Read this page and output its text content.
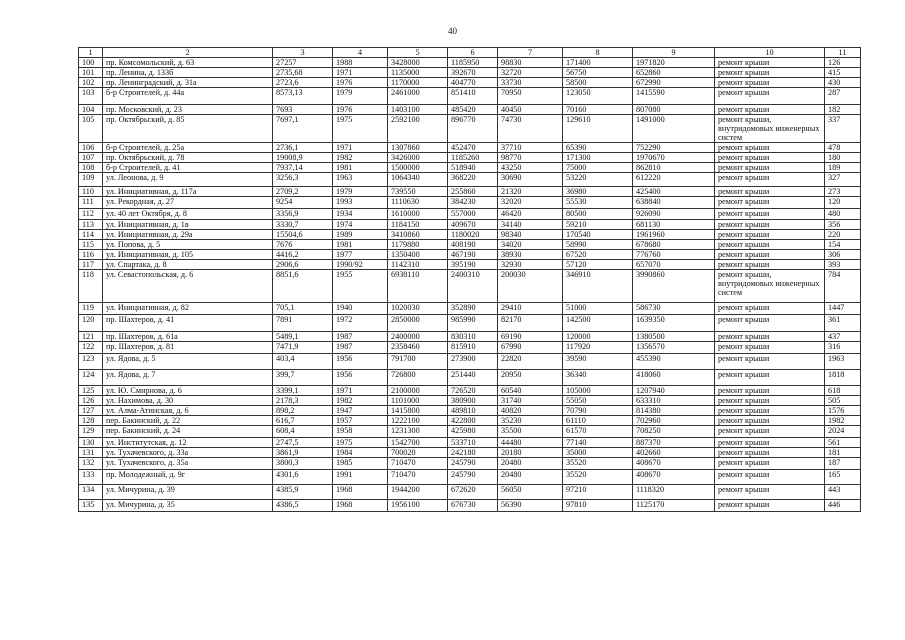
40
1	2	3	4	5	6	7	8	9	10	11
100	пр. Комсомольский, д. 63	27257	1988	3428000	1185950	98830	171400	1971820	ремонт крыши	126
101	пр. Ленина, д. 133б	2735,68	1971	1135000	392670	32720	56750	652860	ремонт крыши	415
102	пр. Ленинградский, д. 31а	2723,6	1976	1170000	404770	33730	58500	672990	ремонт крыши	430
103	б-р Строителей, д. 44а	8573,13	1979	2461000	851410	70950	123050	1415590	ремонт крыши	287
104	пр. Московский, д. 23	7693	1976	1403100	485420	40450	70160	807080	ремонт крыши	182
105	пр. Октябрьский, д. 85	7697,1	1975	2592100	896770	74730	129610	1491000	ремонт крыши, внутридомовых инженерных систем	337
106	б-р Строителей, д. 25а	2736,1	1971	1307860	452470	37710	65390	752290	ремонт крыши	478
107	пр. Октябрьский, д. 78	19008,9	1982	3426000	1185260	98770	171300	1970670	ремонт крыши	180
108	б-р Строителей, д. 41	7937,14	1981	1500000	518940	43250	75000	862810	ремонт крыши	189
109	ул. Леонова, д. 9	3256,3	1963	1064340	368220	30690	53220	612220	ремонт крыши	327
110	ул. Инициативная, д. 117а	2709,2	1979	739550	255860	21320	36980	425400	ремонт крыши	273
111	ул. Рекордная, д. 27	9254	1993	1110630	384230	32020	55530	638840	ремонт крыши	120
112	ул. 40 лет Октября, д. 8	3356,9	1934	1610000	557000	46420	80500	926090	ремонт крыши	480
113	ул. Инициативная, д. 1в	3330,7	1974	1184150	409670	34140	59210	681130	ремонт крыши	356
114	ул. Инициативная, д. 29а	15504,6	1989	3410860	1180020	98340	170540	1961960	ремонт крыши	220
115	ул. Попова, д. 5	7676	1981	1179880	408190	34020	58990	678680	ремонт крыши	154
116	ул. Инициативная, д. 105	4416,2	1977	1350400	467190	38930	67520	776760	ремонт крыши	306
117	ул. Спартака, д. 8	2906,6	1990/92	1142310	395190	32930	57120	657070	ремонт крыши	393
118	ул. Севастопольская, д. 6	8851,6	1955	6938110	2400310	200030	346910	3990860	ремонт крыши, внутридомовых инженерных систем	784
119	ул. Инициативная, д. 82	705,1	1940	1020030	352890	29410	51000	586730	ремонт крыши	1447
120	пр. Шахтеров, д. 41	7891	1972	2850000	985990	82170	142500	1639350	ремонт крыши	361
121	пр. Шахтеров, д. 61а	5489,1	1987	2400000	830310	69190	120000	1380500	ремонт крыши	437
122	пр. Шахтеров, д. 81	7471,9	1987	2358460	815910	67990	117920	1356570	ремонт крыши	316
123	ул. Ядова, д. 5	403,4	1956	791700	273900	22820	39590	455390	ремонт крыши	1963
124	ул. Ядова, д. 7	399,7	1956	726800	251440	20950	36340	418060	ремонт крыши	1818
125	ул. Ю. Смирнова, д. 6	3399,1	1971	2100000	726520	60540	105000	1207940	ремонт крыши	618
126	ул. Нахимова, д. 30	2178,3	1982	1101000	380900	31740	55050	633310	ремонт крыши	505
127	ул. Алма-Атинская, д. 6	898,2	1947	1415800	489810	40820	70790	814380	ремонт крыши	1576
128	пер. Бакинский, д. 22	616,7	1957	1222100	422800	35230	61110	702960	ремонт крыши	1982
129	пер. Бакинский, д. 24	608,4	1958	1231300	425980	35500	61570	708250	ремонт крыши	2024
130	ул. Институтская, д. 12	2747,5	1975	1542700	533710	44480	77140	887370	ремонт крыши	561
131	ул. Тухачевского, д. 33а	3861,9	1984	700020	242180	20180	35000	402660	ремонт крыши	181
132	ул. Тухачевского, д. 35а	3800,3	1985	710470	245790	20480	35520	408670	ремонт крыши	187
133	пр. Молодежный, д. 9г	4301,6	1991	710470	245790	20480	35520	408670	ремонт крыши	165
134	ул. Мичурина, д. 39	4385,9	1968	1944200	672620	56050	97210	1118320	ремонт крыши	443
135	ул. Мичурина, д. 35	4386,5	1968	1956100	676730	56390	97810	1125170	ремонт крыши	446
